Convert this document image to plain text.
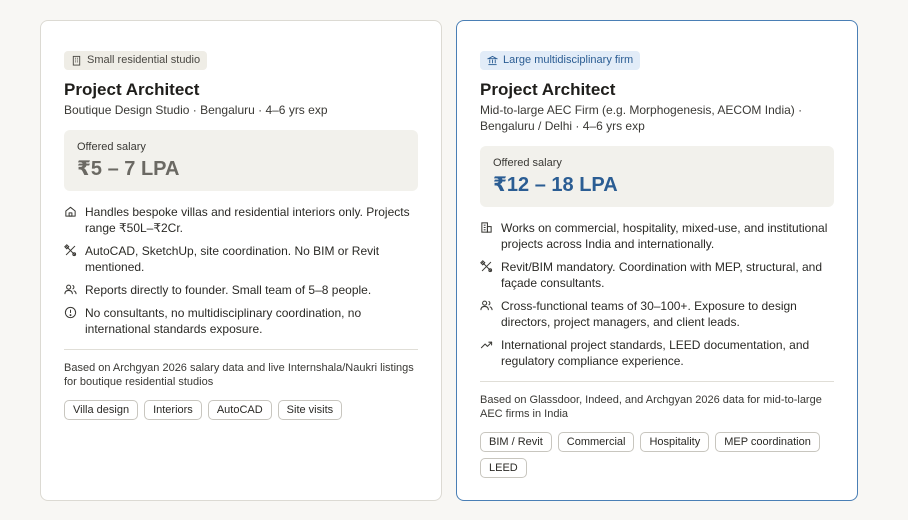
Small residential studio
Project Architect
Boutique Design Studio · Bengaluru · 4–6 yrs exp
Offered salary
₹5 – 7 LPA
Handles bespoke villas and residential interiors only. Projects range ₹50L–₹2Cr.
AutoCAD, SketchUp, site coordination. No BIM or Revit mentioned.
Reports directly to founder. Small team of 5–8 people.
No consultants, no multidisciplinary coordination, no international standards exposure.
Based on Archgyan 2026 salary data and live Internshala/Naukri listings for boutique residential studios
Villa design	Interiors	AutoCAD	Site visits
Large multidisciplinary firm
Project Architect
Mid-to-large AEC Firm (e.g. Morphogenesis, AECOM India) · Bengaluru / Delhi · 4–6 yrs exp
Offered salary
₹12 – 18 LPA
Works on commercial, hospitality, mixed-use, and institutional projects across India and internationally.
Revit/BIM mandatory. Coordination with MEP, structural, and façade consultants.
Cross-functional teams of 30–100+. Exposure to design directors, project managers, and client leads.
International project standards, LEED documentation, and regulatory compliance experience.
Based on Glassdoor, Indeed, and Archgyan 2026 data for mid-to-large AEC firms in India
BIM / Revit	Commercial	Hospitality	MEP coordination
LEED
